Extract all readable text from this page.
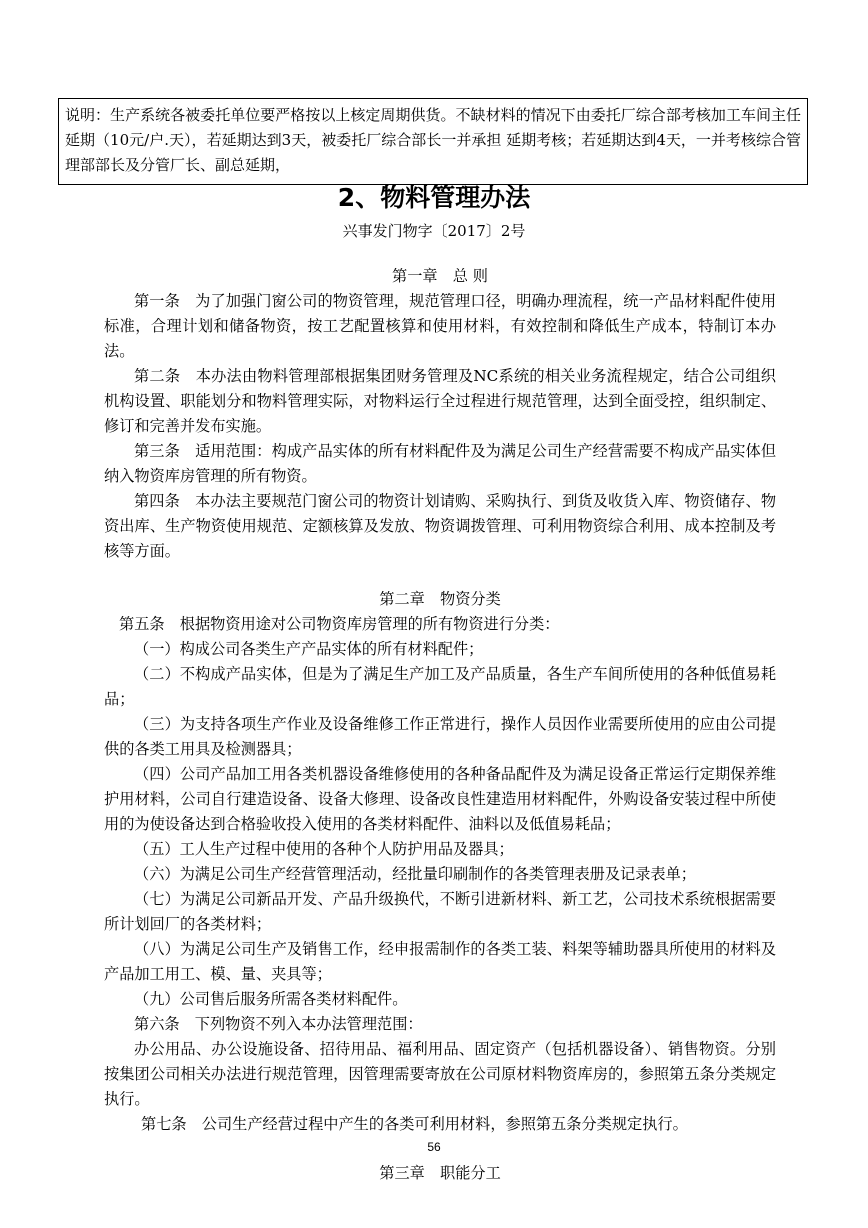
说明：生产系统各被委托单位要严格按以上核定周期供货。不缺材料的情况下由委托厂综合部考核加工车间主任延期（10元/户.天），若延期达到3天，被委托厂综合部长一并承担 延期考核；若延期达到4天，一并考核综合管理部部长及分管厂长、副总延期，
2、物料管理办法
兴事发门物字〔2017〕2号

第一章　总 则

第一条　为了加强门窗公司的物资管理，规范管理口径，明确办理流程，统一产品材料配件使用标准，合理计划和储备物资，按工艺配置核算和使用材料，有效控制和降低生产成本，特制订本办法。

第二条　本办法由物料管理部根据集团财务管理及NC系统的相关业务流程规定，结合公司组织机构设置、职能划分和物料管理实际，对物料运行全过程进行规范管理，达到全面受控，组织制定、修订和完善并发布实施。

第三条　适用范围：构成产品实体的所有材料配件及为满足公司生产经营需要不构成产品实体但纳入物资库房管理的所有物资。

第四条　本办法主要规范门窗公司的物资计划请购、采购执行、到货及收货入库、物资储存、物资出库、生产物资使用规范、定额核算及发放、物资调拨管理、可利用物资综合利用、成本控制及考核等方面。

第二章　物资分类

第五条　根据物资用途对公司物资库房管理的所有物资进行分类：

（一）构成公司各类生产产品实体的所有材料配件；

（二）不构成产品实体，但是为了满足生产加工及产品质量，各生产车间所使用的各种低值易耗品；

（三）为支持各项生产作业及设备维修工作正常进行，操作人员因作业需要所使用的应由公司提供的各类工用具及检测器具；

（四）公司产品加工用各类机器设备维修使用的各种备品配件及为满足设备正常运行定期保养维护用材料，公司自行建造设备、设备大修理、设备改良性建造用材料配件，外购设备安装过程中所使用的为使设备达到合格验收投入使用的各类材料配件、油料以及低值易耗品；

（五）工人生产过程中使用的各种个人防护用品及器具；

（六）为满足公司生产经营管理活动，经批量印刷制作的各类管理表册及记录表单；

（七）为满足公司新品开发、产品升级换代，不断引进新材料、新工艺，公司技术系统根据需要所计划回厂的各类材料；

（八）为满足公司生产及销售工作，经申报需制作的各类工装、料架等辅助器具所使用的材料及产品加工用工、模、量、夹具等；

（九）公司售后服务所需各类材料配件。

第六条　下列物资不列入本办法管理范围：

办公用品、办公设施设备、招待用品、福利用品、固定资产（包括机器设备）、销售物资。分别按集团公司相关办法进行规范管理，因管理需要寄放在公司原材料物资库房的，参照第五条分类规定执行。

第七条　公司生产经营过程中产生的各类可利用材料，参照第五条分类规定执行。

第三章　职能分工

56
